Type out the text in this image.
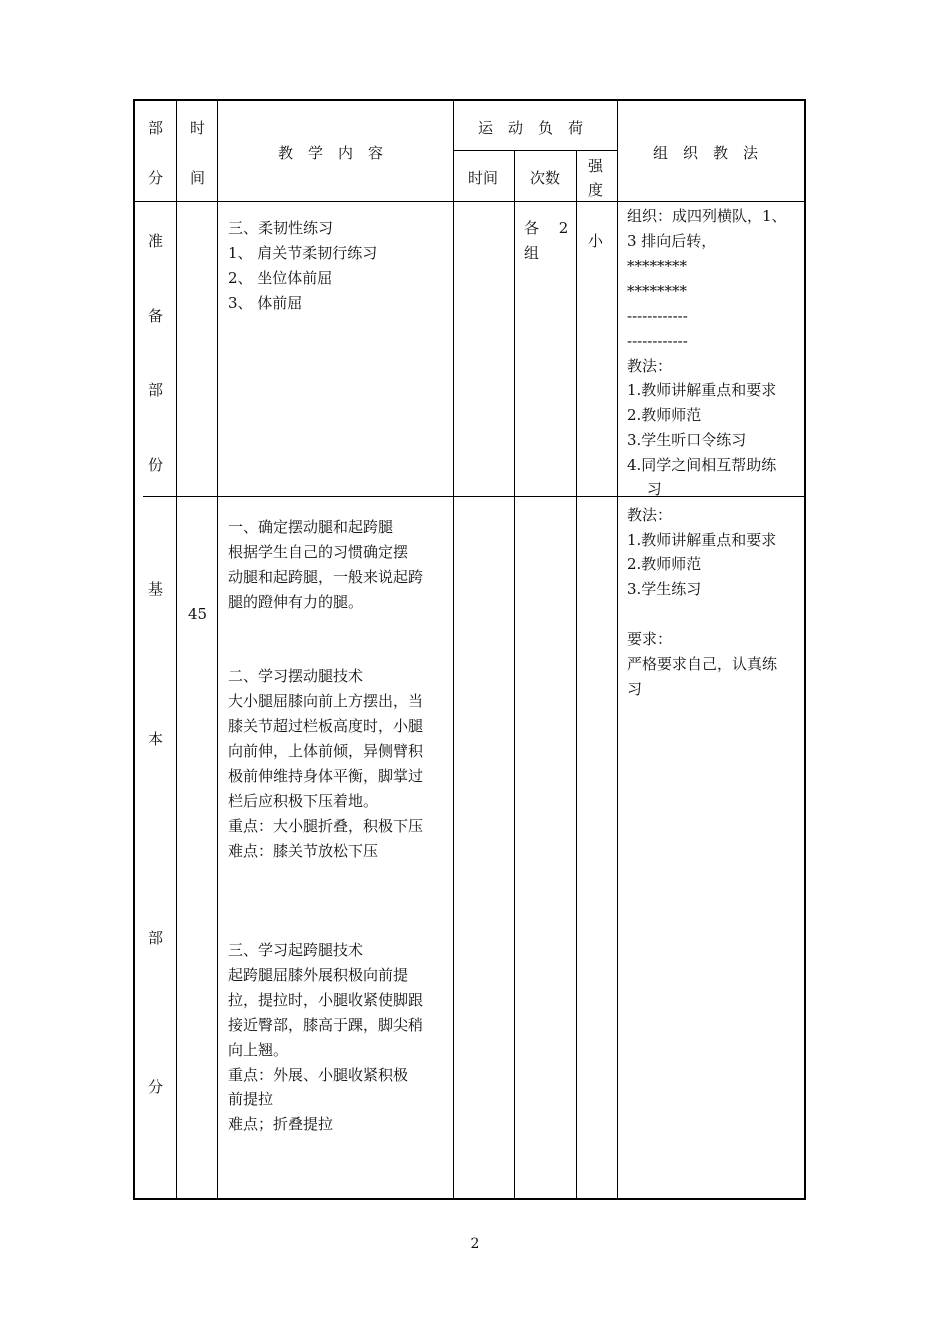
部
分
时
间
教　学　内　容
运　动　负　荷
时间 次数
强
度
组　织　教　法
准
备
部
份
三、柔韧性练习
1、 肩关节柔韧行练习
2、 坐位体前屈
3、 体前屈
各　 2
组
小
组织：成四列横队，1、
3 排向后转，
********
********
------------
------------
教法：
1.教师讲解重点和要求
2.教师师范
3.学生听口令练习
4.同学之间相互帮助练
　 习
基
本
部
分
45
一、确定摆动腿和起跨腿
根据学生自己的习惯确定摆
动腿和起跨腿，一般来说起跨
腿的蹬伸有力的腿。
二、学习摆动腿技术
大小腿屈膝向前上方摆出，当
膝关节超过栏板高度时，小腿
向前伸，上体前倾，异侧臂积
极前伸维持身体平衡，脚掌过
栏后应积极下压着地。
重点：大小腿折叠，积极下压
难点：膝关节放松下压
三、学习起跨腿技术
起跨腿屈膝外展积极向前提
拉，提拉时，小腿收紧使脚跟
接近臀部，膝高于踝，脚尖稍
向上翘。
重点：外展、小腿收紧积极
前提拉
难点；折叠提拉
教法：
1.教师讲解重点和要求
2.教师师范
3.学生练习
要求：
严格要求自己，认真练
习
2
